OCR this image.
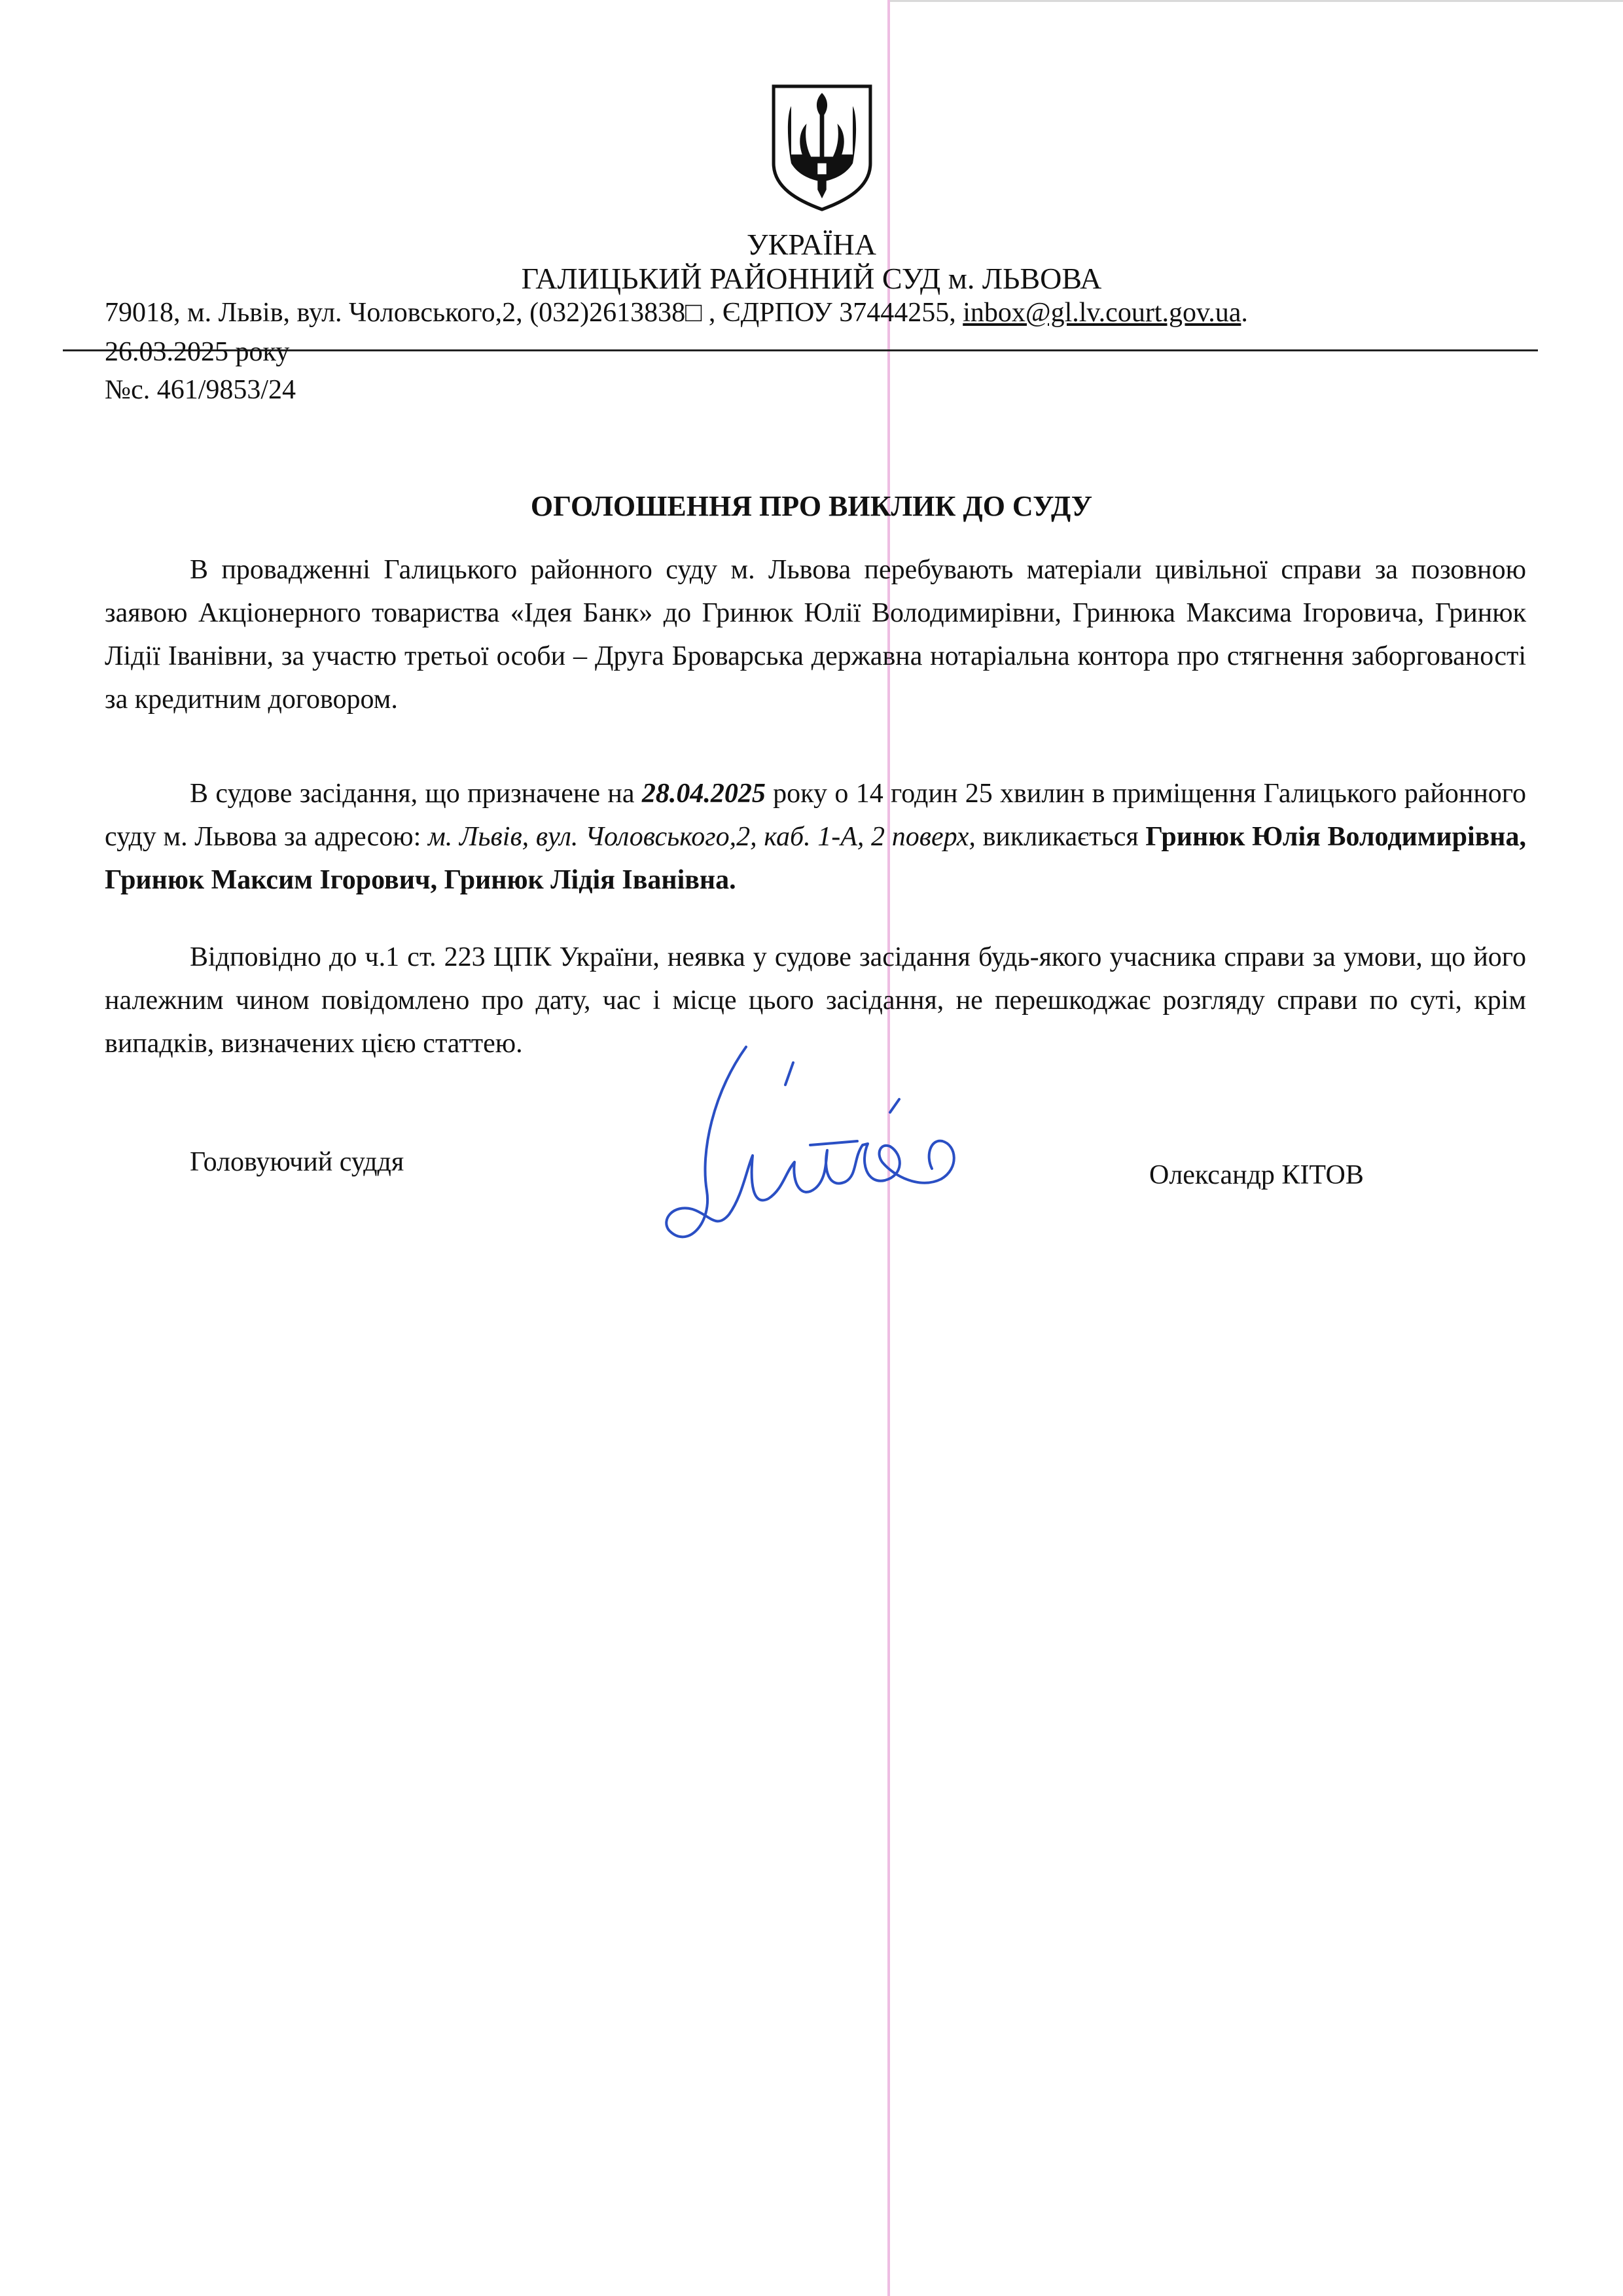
УКРАЇНА
ГАЛИЦЬКИЙ РАЙОННИЙ СУД м. ЛЬВОВА
79018, м. Львів, вул. Чоловського,2, (032)2613838□ , ЄДРПОУ 37444255, inbox@gl.lv.court.gov.ua.
26.03.2025 року
№с. 461/9853/24
ОГОЛОШЕННЯ ПРО ВИКЛИК ДО СУДУ

В провадженні Галицького районного суду м. Львова перебувають матеріали цивільної справи за позовною заявою Акціонерного товариства «Ідея Банк» до Гринюк Юлії Володимирівни, Гринюка Максима Ігоровича, Гринюк Лідії Іванівни, за участю третьої особи – Друга Броварська державна нотаріальна контора про стягнення заборгованості за кредитним договором.

В судове засідання, що призначене на 28.04.2025 року о 14 годин 25 хвилин в приміщення Галицького районного суду м. Львова за адресою: м. Львів, вул. Чоловського,2, каб. 1-А, 2 поверх, викликається Гринюк Юлія Володимирівна, Гринюк Максим Ігорович, Гринюк Лідія Іванівна.

Відповідно до ч.1 ст. 223 ЦПК України, неявка у судове засідання будь-якого учасника справи за умови, що його належним чином повідомлено про дату, час і місце цього засідання, не перешкоджає розгляду справи по суті, крім випадків, визначених цією статтею.

Головуючий суддя	Олександр КІТОВ
